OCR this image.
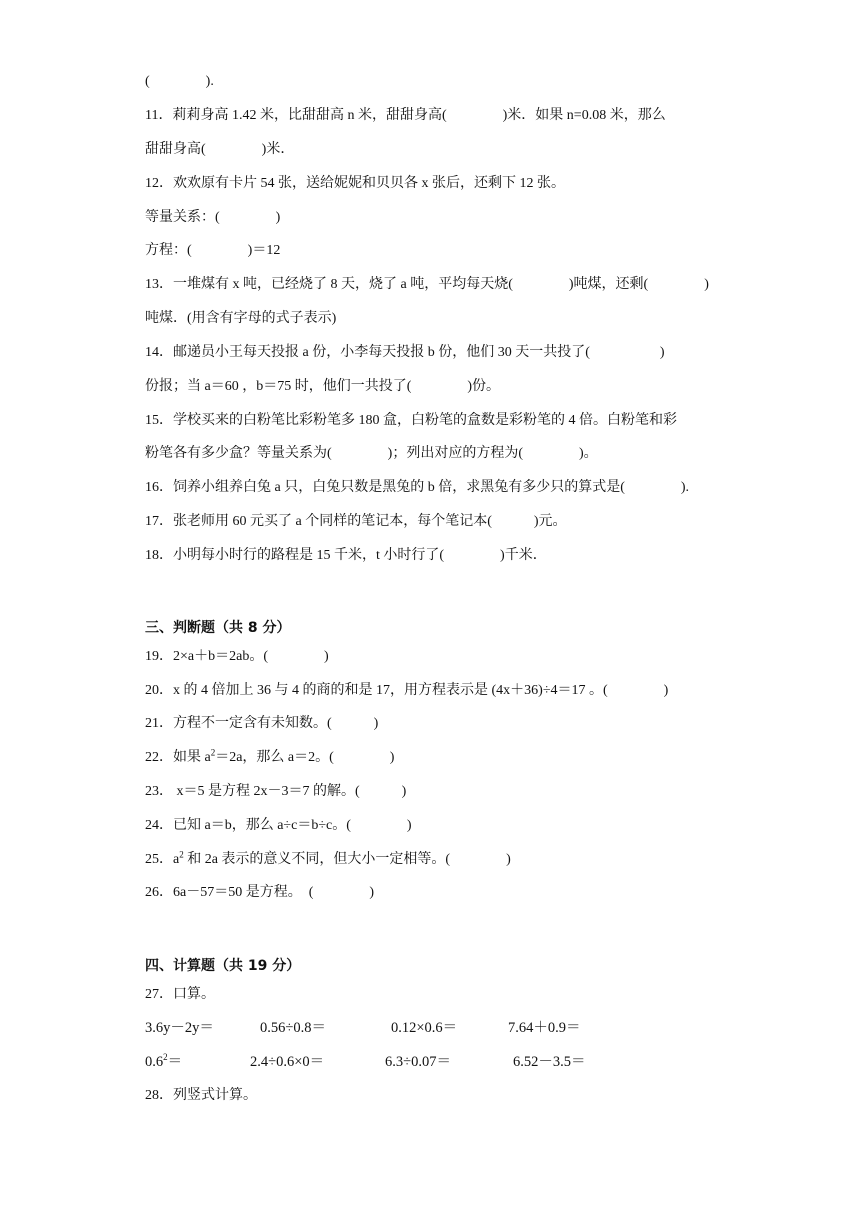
(　　　　).
11．莉莉身高 1.42 米，比甜甜高 n 米，甜甜身高(　　　　)米．如果 n=0.08 米，那么
甜甜身高(　　　　)米．
12．欢欢原有卡片 54 张，送给妮妮和贝贝各 x 张后，还剩下 12 张。
等量关系：(　　　　)
方程：(　　　　)＝12
13．一堆煤有 x 吨，已经烧了 8 天，烧了 a 吨，平均每天烧(　　　　)吨煤，还剩(　　　　)
吨煤．(用含有字母的式子表示)
14．邮递员小王每天投报 a 份，小李每天投报 b 份，他们 30 天一共投了(　　　　　)
份报；当 a＝60 ，b＝75 时，他们一共投了(　　　　)份。
15．学校买来的白粉笔比彩粉笔多 180 盒，白粉笔的盒数是彩粉笔的 4 倍。白粉笔和彩
粉笔各有多少盒？等量关系为(　　　　)；列出对应的方程为(　　　　)。
16．饲养小组养白兔 a 只，白兔只数是黑兔的 b 倍，求黑兔有多少只的算式是(　　　　).
17．张老师用 60 元买了 a 个同样的笔记本，每个笔记本(　　　)元。
18．小明每小时行的路程是 15 千米，t 小时行了(　　　　)千米．
三、判断题（共 8 分）
19．2×a＋b＝2ab。(　　　　)
20．x 的 4 倍加上 36 与 4 的商的和是 17，用方程表示是 (4x＋36)÷4＝17 。(　　　　)
21．方程不一定含有未知数。(　　　)
22．如果 $a^2=2a$，那么 a＝2。(　　　　)
23． x＝5 是方程 2x－3＝7 的解。(　　　)
24．已知 a＝b，那么 a÷c＝b÷c。(　　　　)
25．$a^2$ 和 2a 表示的意义不同，但大小一定相等。(　　　　)
26．6a－57＝50 是方程。　(　　　　)
四、计算题（共 19 分）
27．口算。
3.6y－2y＝	0.56÷0.8＝	0.12×0.6＝	7.64＋0.9＝
$0.6^2=$	2.4÷0.6×0＝	6.3÷0.07＝	6.52－3.5＝
28．列竖式计算。
